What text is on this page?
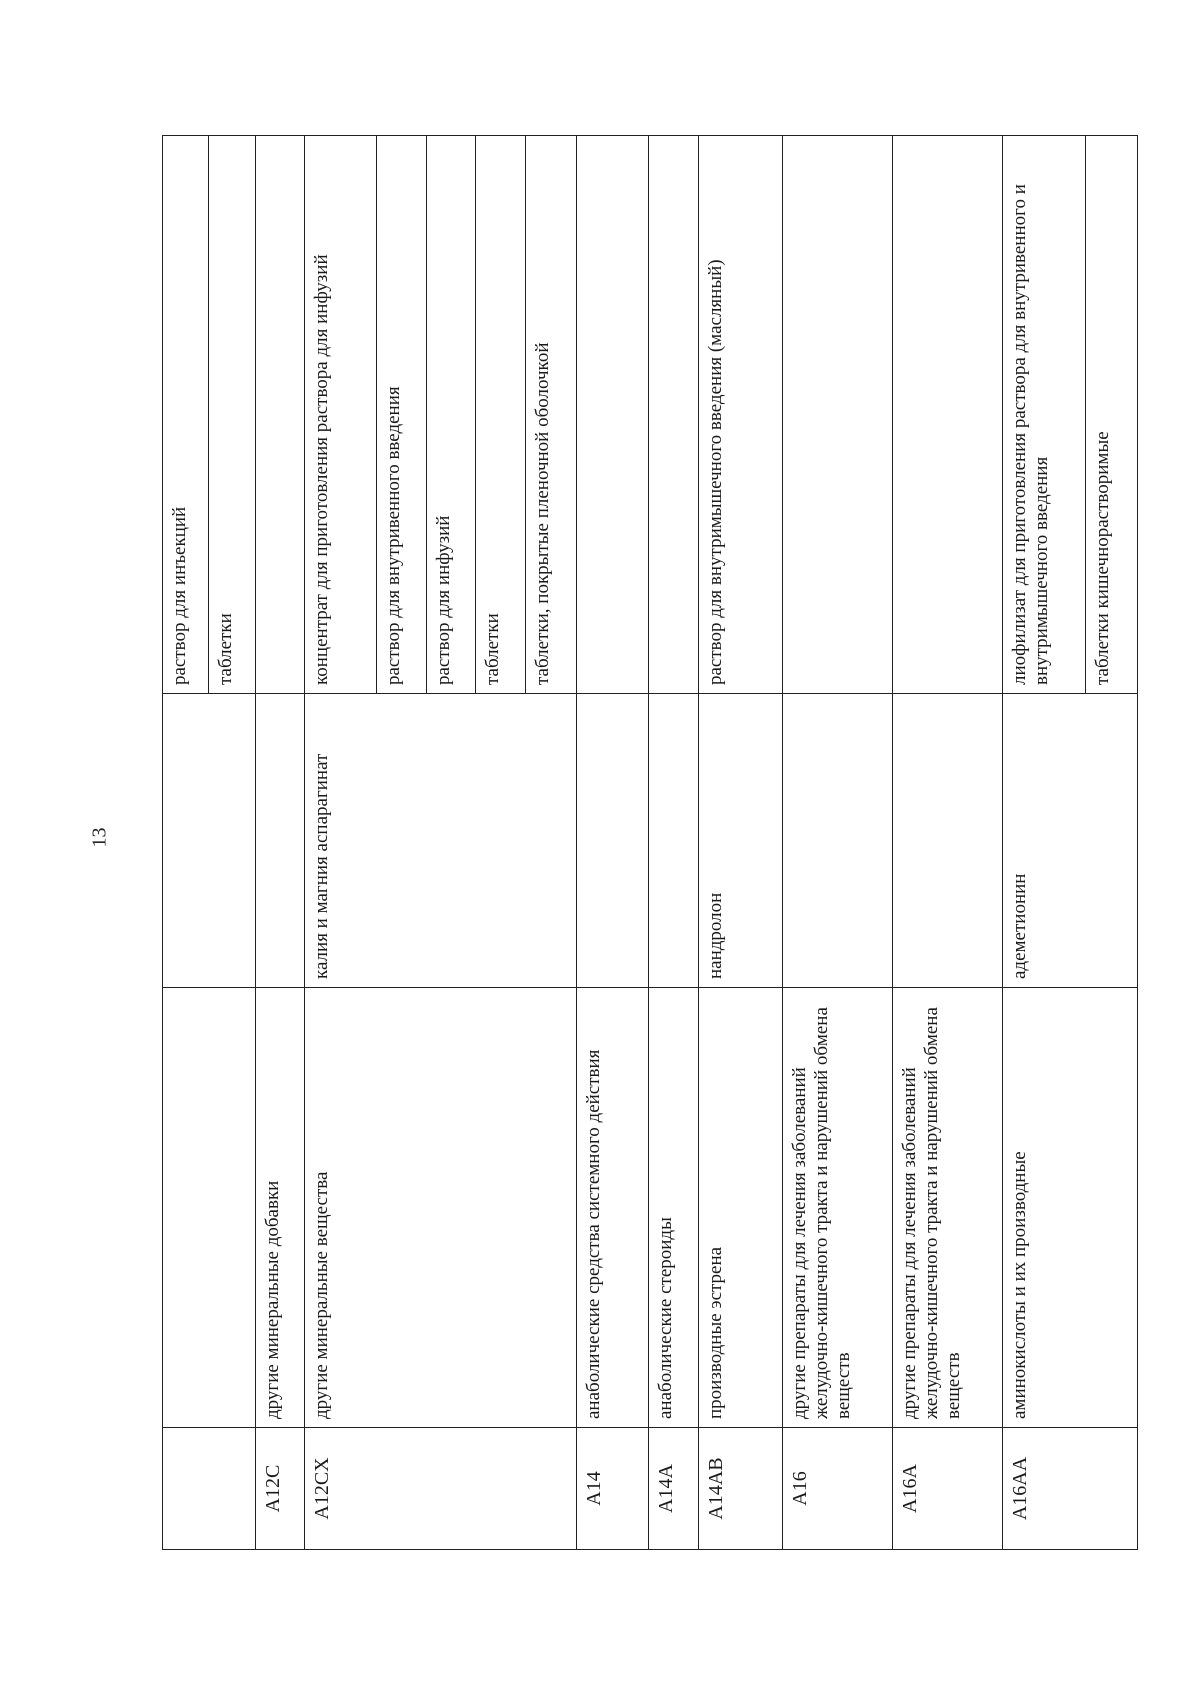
13
			раствор для инъекций
			таблетки
A12C	другие минеральные добавки		
A12CX	другие минеральные вещества	калия и магния аспарагинат	концентрат для приготовления раствора для инфузий
			раствор для внутривенного введения
			раствор для инфузий
			таблетки
			таблетки, покрытые пленочной оболочкой
A14	анаболические средства системного действия		
A14A	анаболические стероиды		
A14AB	производные эстрена	нандролон	раствор для внутримышечного введения (масляный)
A16	другие препараты для лечения заболеваний желудочно-кишечного тракта и нарушений обмена веществ		
A16A	другие препараты для лечения заболеваний желудочно-кишечного тракта и нарушений обмена веществ		
A16AA	аминокислоты и их производные	адеметионин	лиофилизат для приготовления раствора для внутривенного и внутримышечного введения
			таблетки кишечнорастворимые
